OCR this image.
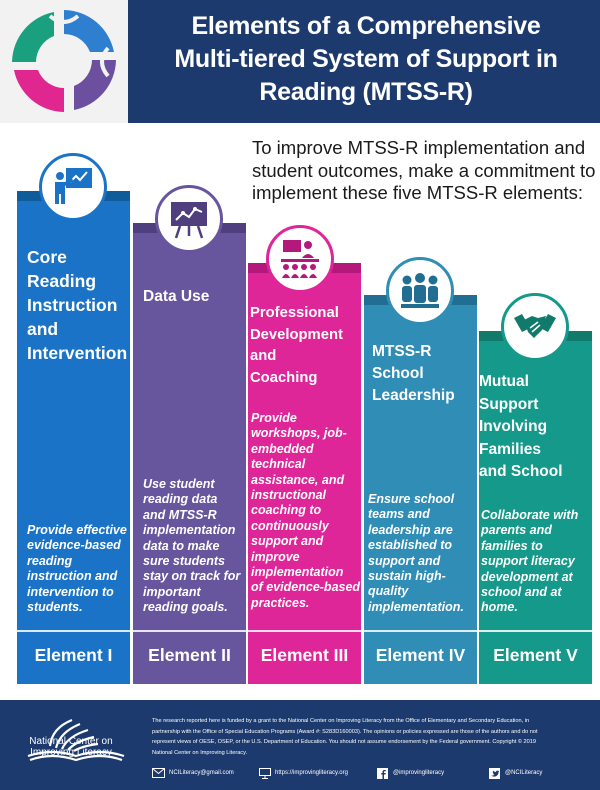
Elements of a Comprehensive
Multi-tiered System of Support in
Reading (MTSS-R)
To improve MTSS-R implementation and
student outcomes, make a commitment to
implement these five MTSS-R elements:
Core
Reading
Instruction
and
Intervention
Provide effective
evidence-based
reading
instruction and
intervention to
students.
Element I
Data Use
Use student
reading data
and MTSS-R
implementation
data to make
sure students
stay on track for
important
reading goals.
Element II
Professional
Development
and
Coaching
Provide
workshops, job-
embedded
technical
assistance, and
instructional
coaching to
continuously
support and
improve
implementation
of evidence-based
practices.
Element III
MTSS-R
School
Leadership
Ensure school
teams and
leadership are
established to
support and
sustain high-
quality
implementation.
Element IV
Mutual
Support
Involving
Families
and School
Collaborate with
parents and
families to
support literacy
development at
school and at
home.
Element V
National Center on
Improving Literacy
The research reported here is funded by a grant to the National Center on Improving Literacy from the Office of Elementary and Secondary Education, in
partnership with the Office of Special Education Programs (Award #: S283D160003). The opinions or policies expressed are those of the authors and do not
represent views of OESE, OSEP, or the U.S. Department of Education. You should not assume endorsement by the Federal government. Copyright © 2019
National Center on Improving Literacy.
NCILiteracy@gmail.com	https://improvingliteracy.org	@improvingliteracy	@NCILiteracy
